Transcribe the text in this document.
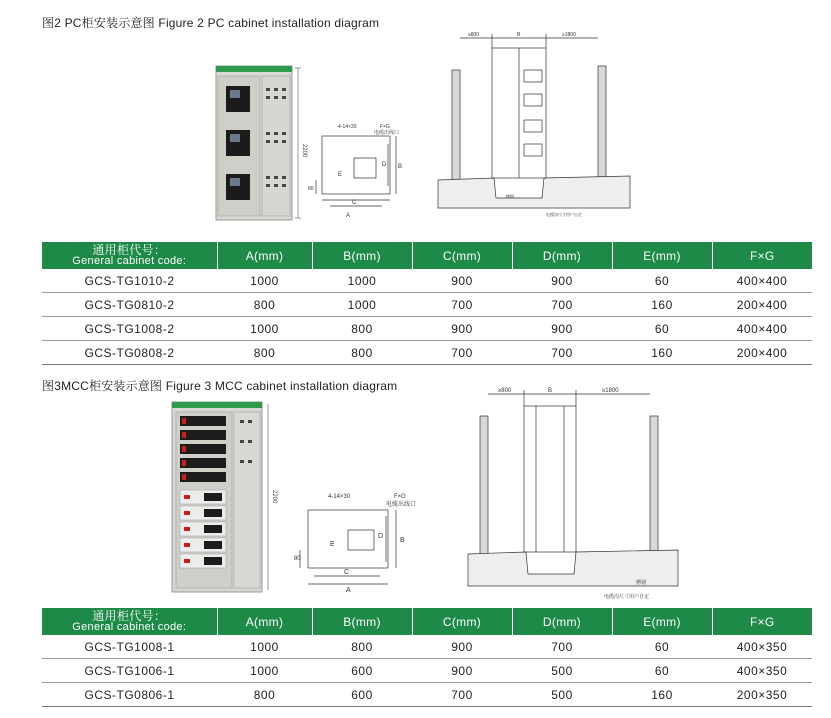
图2 PC柜安装示意图 Figure 2 PC cabinet installation diagram
2200
4-14×30	F×G
电缆出线口
A
C
B
D
E
80
≥800	B	≥1800
槽钢
电缆沟尺寸用户自定
通用柜代号：
General cabinet code:	A(mm)	B(mm)	C(mm)	D(mm)	E(mm)	F×G
GCS-TG1010-2	1000	1000	900	900	60	400×400
GCS-TG0810-2	800	1000	700	700	160	200×400
GCS-TG1008-2	1000	800	900	900	60	400×400
GCS-TG0808-2	800	800	700	700	160	200×400
图3MCC柜安装示意图 Figure 3 MCC cabinet installation diagram
2200	4-14×30	F×G
电缆出线口
A
C
B
D
E
80
≥800	B	≥1800
槽钢
电缆沟尺寸用户自定
通用柜代号：
General cabinet code:	A(mm)	B(mm)	C(mm)	D(mm)	E(mm)	F×G
GCS-TG1008-1	1000	800	900	700	60	400×350
GCS-TG1006-1	1000	600	900	500	60	400×350
GCS-TG0806-1	800	600	700	500	160	200×350
